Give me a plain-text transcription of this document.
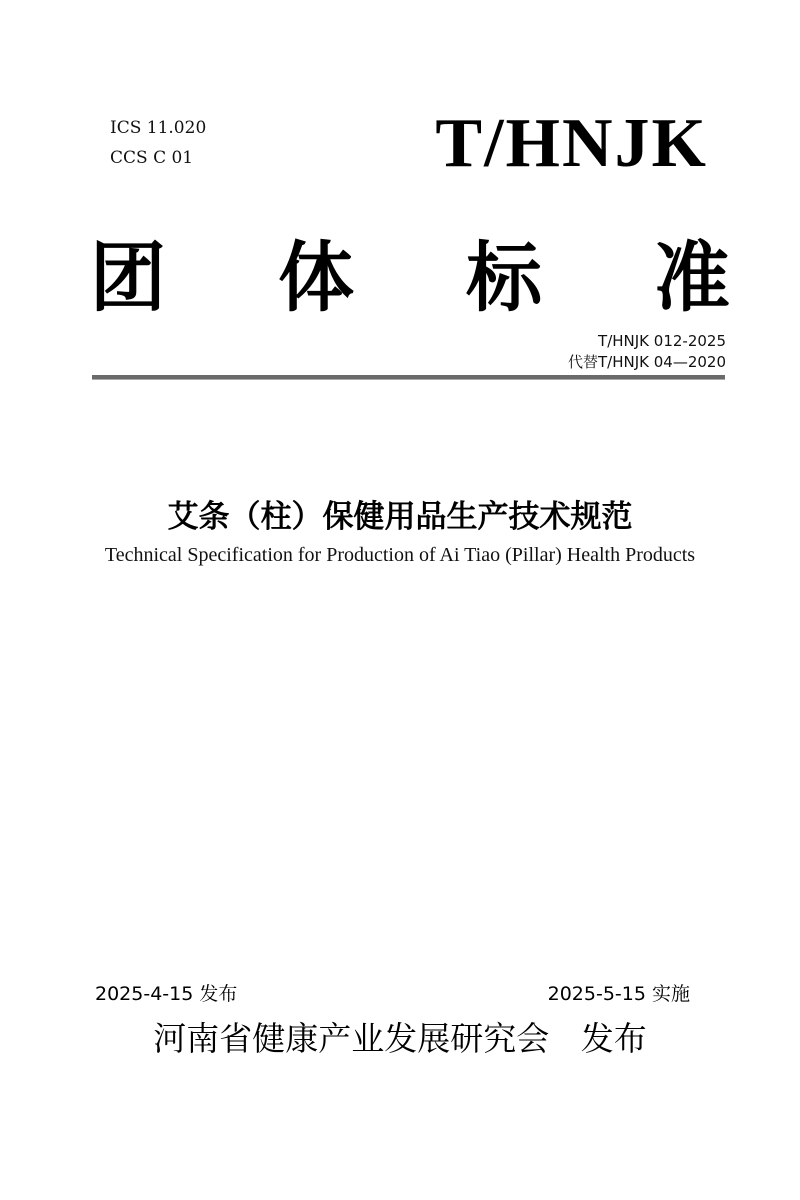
ICS 11.020
CCS C 01	T/HNJK
团 体 标 准
T/HNJK 012-2025
代替T/HNJK 04—2020
艾条（柱）保健用品生产技术规范
Technical Specification for Production of Ai Tiao (Pillar) Health Products
2025-4-15 发布	2025-5-15 实施
河南省健康产业发展研究会 发布
